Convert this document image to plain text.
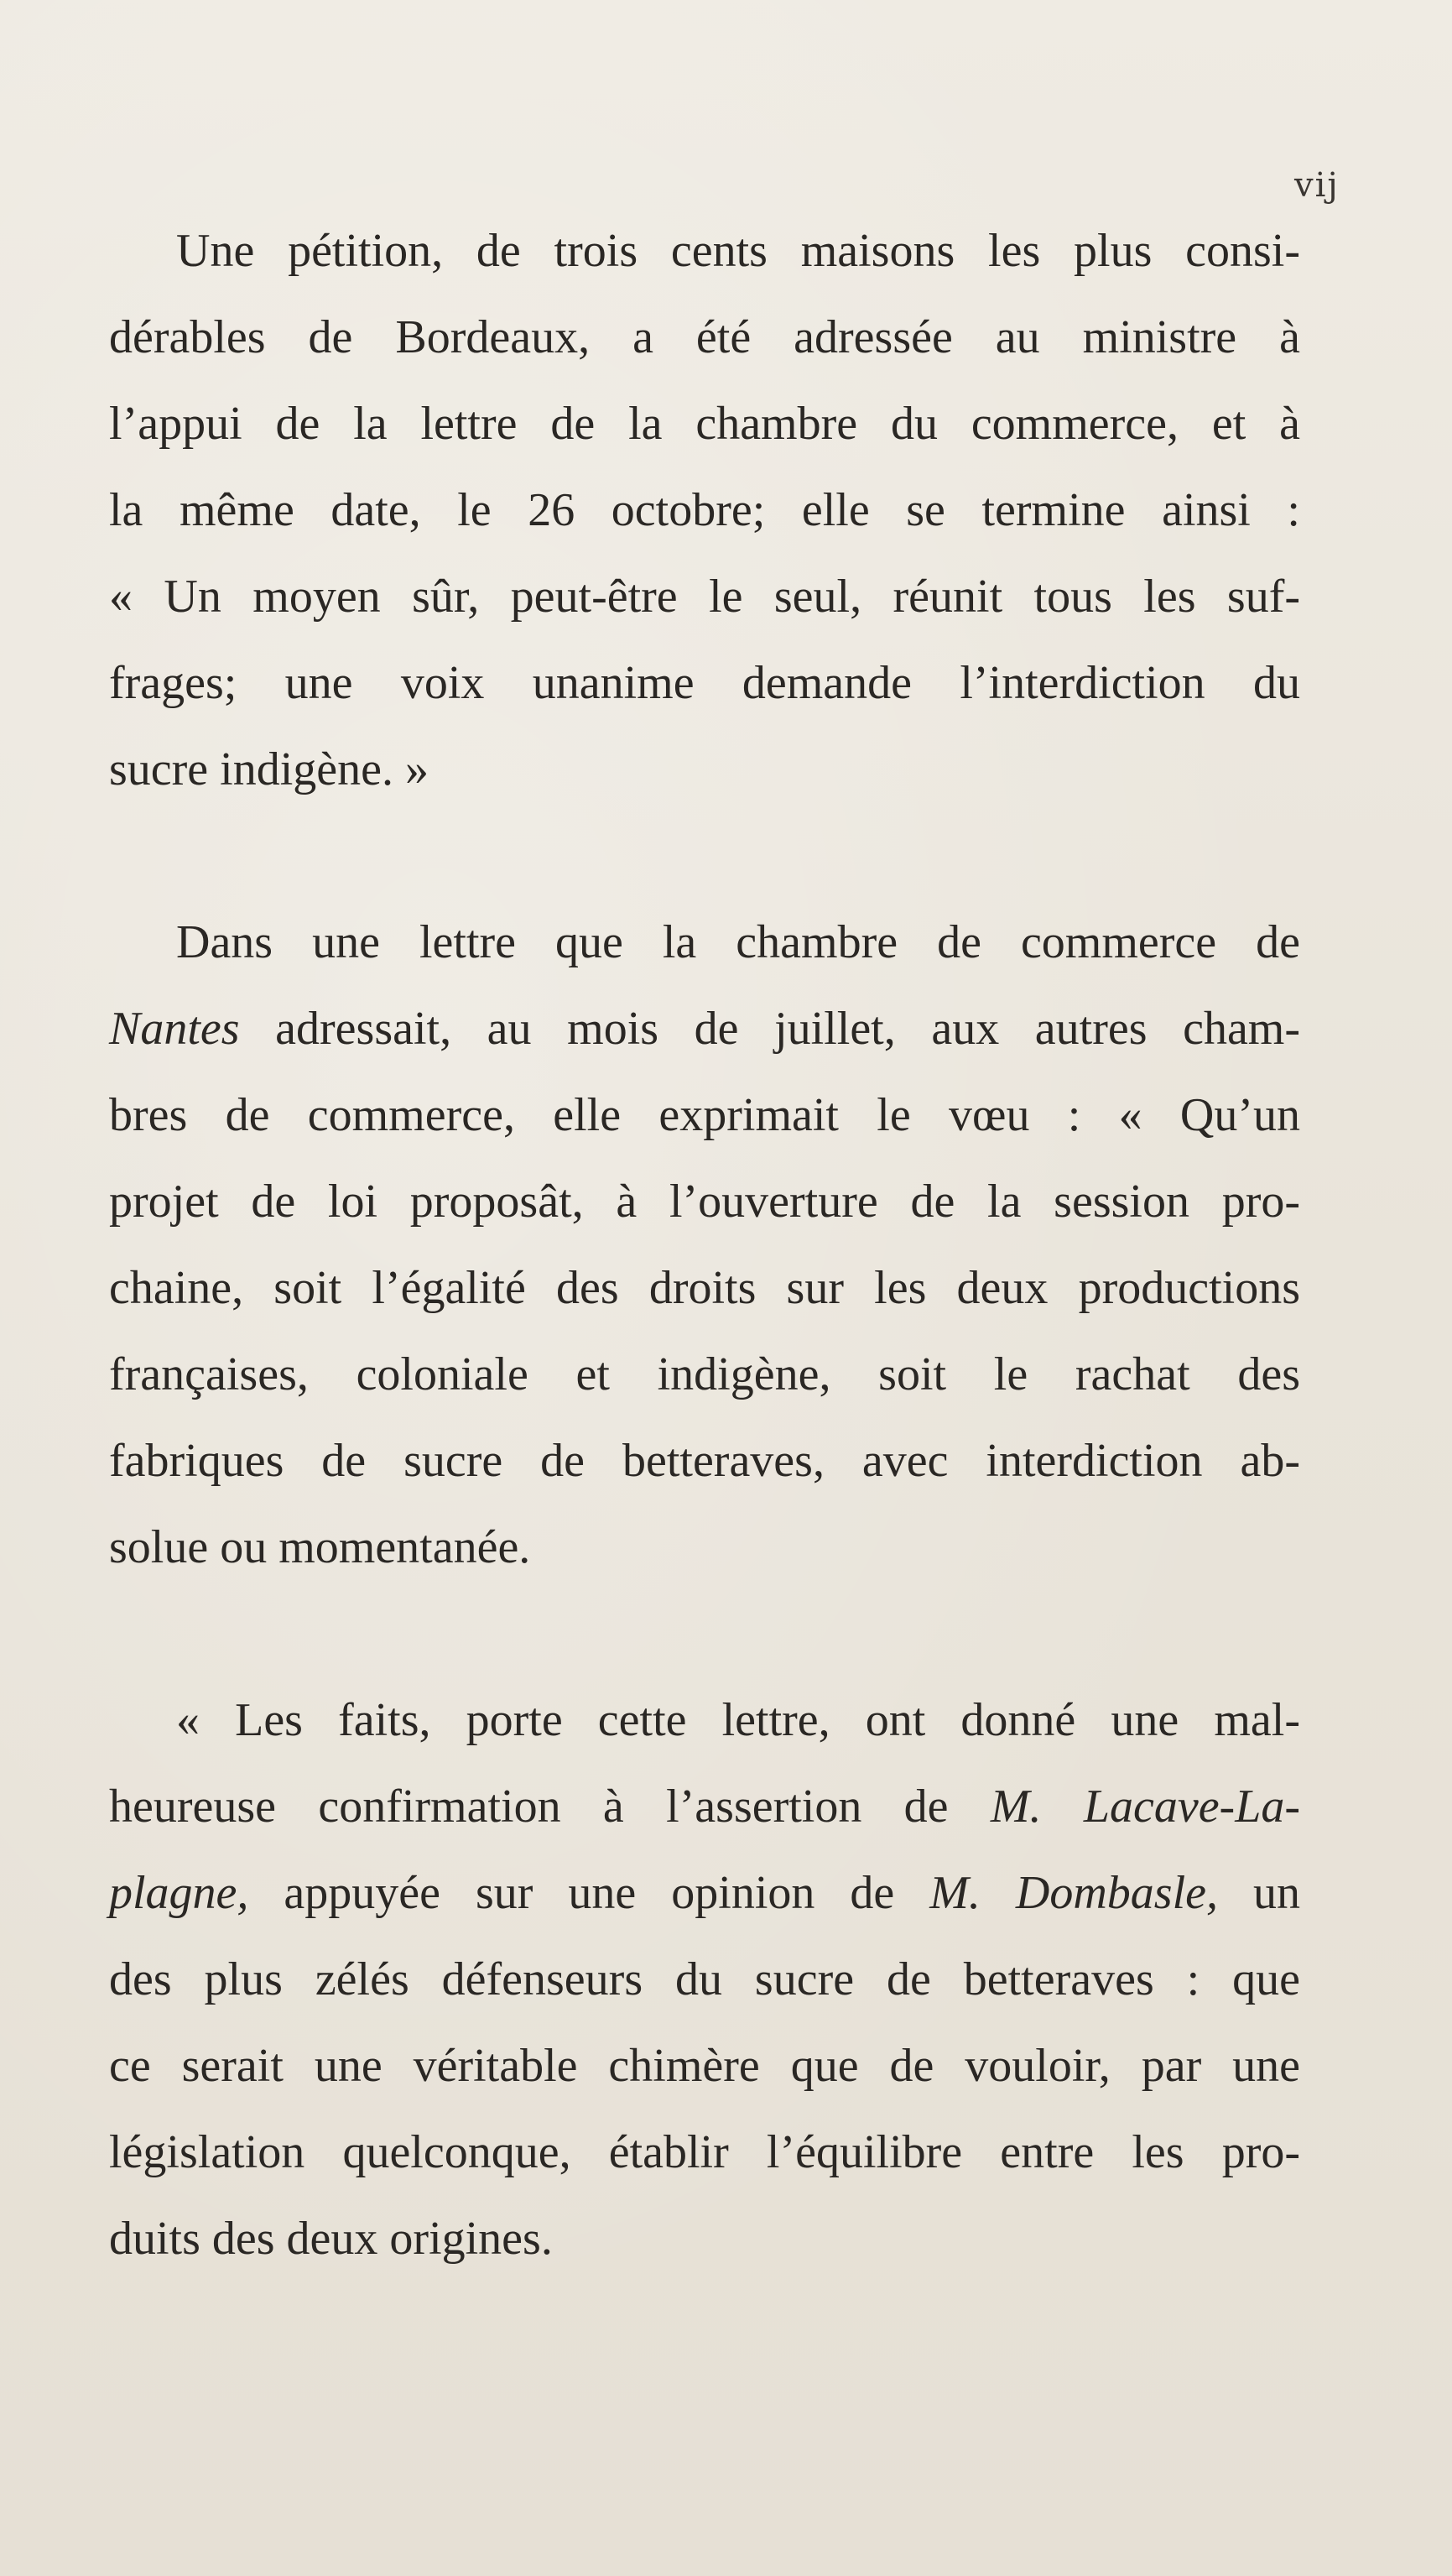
vij
Une pétition, de trois cents maisons les plus consi-
dérables de Bordeaux, a été adressée au ministre à
l’appui de la lettre de la chambre du commerce, et à
la même date, le 26 octobre; elle se termine ainsi :
« Un moyen sûr, peut-être le seul, réunit tous les suf-
frages; une voix unanime demande l’interdiction du
sucre indigène. »
Dans une lettre que la chambre de commerce de
Nantes adressait, au mois de juillet, aux autres cham-
bres de commerce, elle exprimait le vœu : « Qu’un
projet de loi proposât, à l’ouverture de la session pro-
chaine, soit l’égalité des droits sur les deux productions
françaises, coloniale et indigène, soit le rachat des
fabriques de sucre de betteraves, avec interdiction ab-
solue ou momentanée.
« Les faits, porte cette lettre, ont donné une mal-
heureuse confirmation à l’assertion de M. Lacave-La-
plagne, appuyée sur une opinion de M. Dombasle, un
des plus zélés défenseurs du sucre de betteraves : que
ce serait une véritable chimère que de vouloir, par une
législation quelconque, établir l’équilibre entre les pro-
duits des deux origines.
